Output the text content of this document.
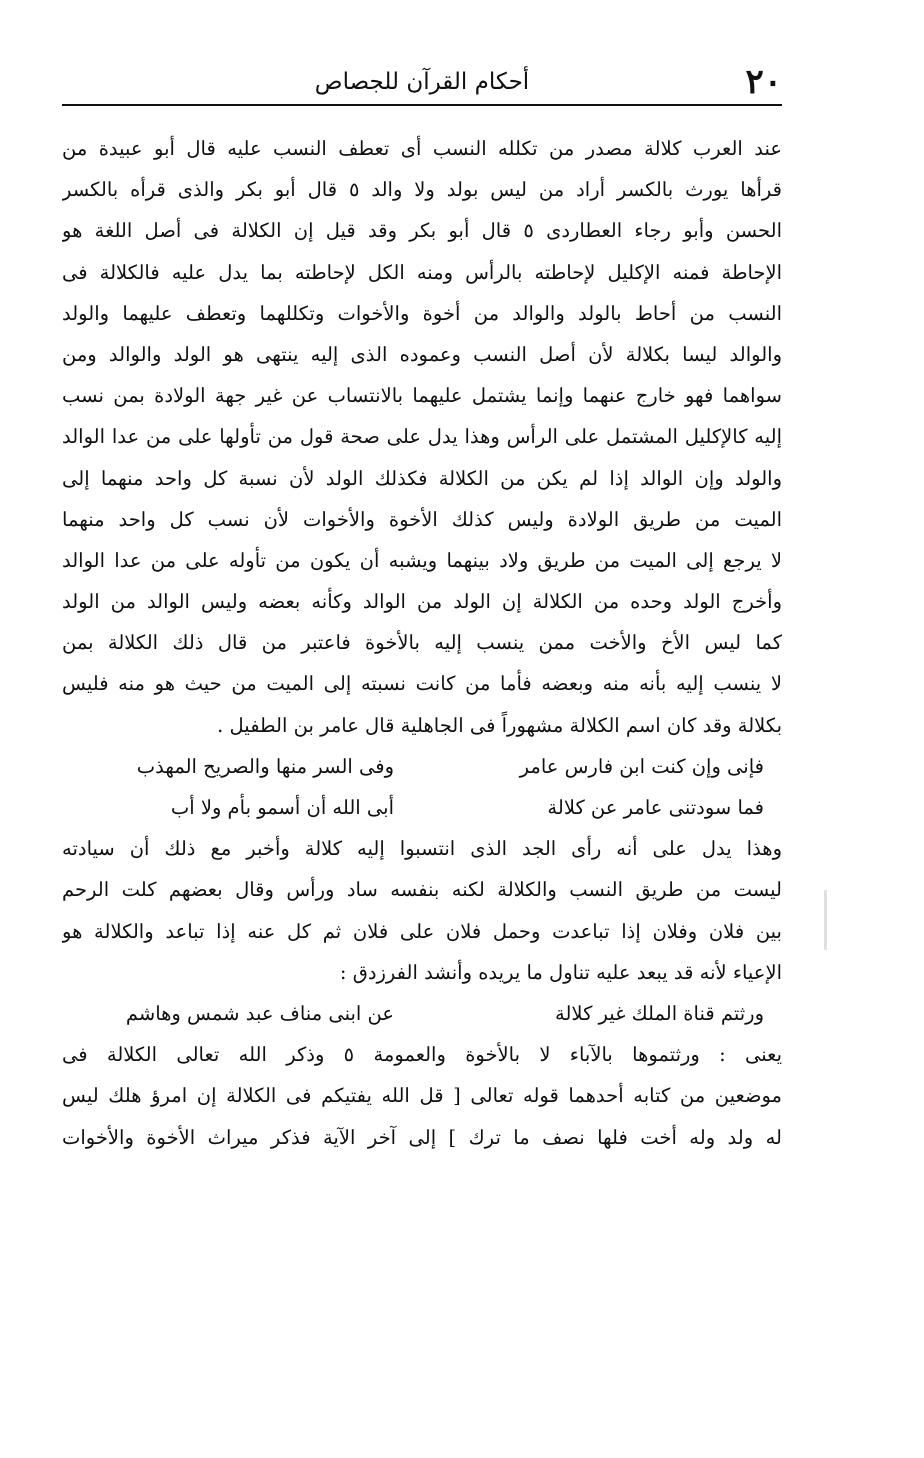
٢٠
أحكام القرآن للجصاص
عند العرب كلالة مصدر من تكلله النسب أى تعطف النسب عليه قال أبو عبيدة من
قرأها يورث بالكسر أراد من ليس بولد ولا والد ٥ قال أبو بكر والذى قرأه بالكسر
الحسن وأبو رجاء العطاردى ٥ قال أبو بكر وقد قيل إن الكلالة فى أصل اللغة هو
الإحاطة فمنه الإكليل لإحاطته بالرأس ومنه الكل لإحاطته بما يدل عليه فالكلالة فى
النسب من أحاط بالولد والوالد من أخوة والأخوات وتكللهما وتعطف عليهما والولد
والوالد ليسا بكلالة لأن أصل النسب وعموده الذى إليه ينتهى هو الولد والوالد ومن
سواهما فهو خارج عنهما وإنما يشتمل عليهما بالانتساب عن غير جهة الولادة بمن نسب
إليه كالإكليل المشتمل على الرأس وهذا يدل على صحة قول من تأولها على من عدا الوالد
والولد وإن الوالد إذا لم يكن من الكلالة فكذلك الولد لأن نسبة كل واحد منهما إلى
الميت من طريق الولادة وليس كذلك الأخوة والأخوات لأن نسب كل واحد منهما
لا يرجع إلى الميت من طريق ولاد بينهما ويشبه أن يكون من تأوله على من عدا الوالد
وأخرج الولد وحده من الكلالة إن الولد من الوالد وكأنه بعضه وليس الوالد من الولد
كما ليس الأخ والأخت ممن ينسب إليه بالأخوة فاعتبر من قال ذلك الكلالة بمن
لا ينسب إليه بأنه منه وبعضه فأما من كانت نسبته إلى الميت من حيث هو منه فليس
بكلالة وقد كان اسم الكلالة مشهوراً فى الجاهلية قال عامر بن الطفيل .
فإنى وإن كنت ابن فارس عامر
وفى السر منها والصريح المهذب
فما سودتنى عامر عن كلالة
أبى الله أن أسمو بأم ولا أب
وهذا يدل على أنه رأى الجد الذى انتسبوا إليه كلالة وأخبر مع ذلك أن سيادته
ليست من طريق النسب والكلالة لكنه بنفسه ساد ورأس وقال بعضهم كلت الرحم
بين فلان وفلان إذا تباعدت وحمل فلان على فلان ثم كل عنه إذا تباعد والكلالة هو
الإعياء لأنه قد يبعد عليه تناول ما يريده وأنشد الفرزدق :
ورثتم قناة الملك غير كلالة
عن ابنى مناف عبد شمس وهاشم
يعنى : ورثتموها بالآباء لا بالأخوة والعمومة ٥ وذكر الله تعالى الكلالة فى
موضعين من كتابه أحدهما قوله تعالى [ قل الله يفتيكم فى الكلالة إن امرؤ هلك ليس
له ولد وله أخت فلها نصف ما ترك ] إلى آخر الآية فذكر ميراث الأخوة والأخوات
